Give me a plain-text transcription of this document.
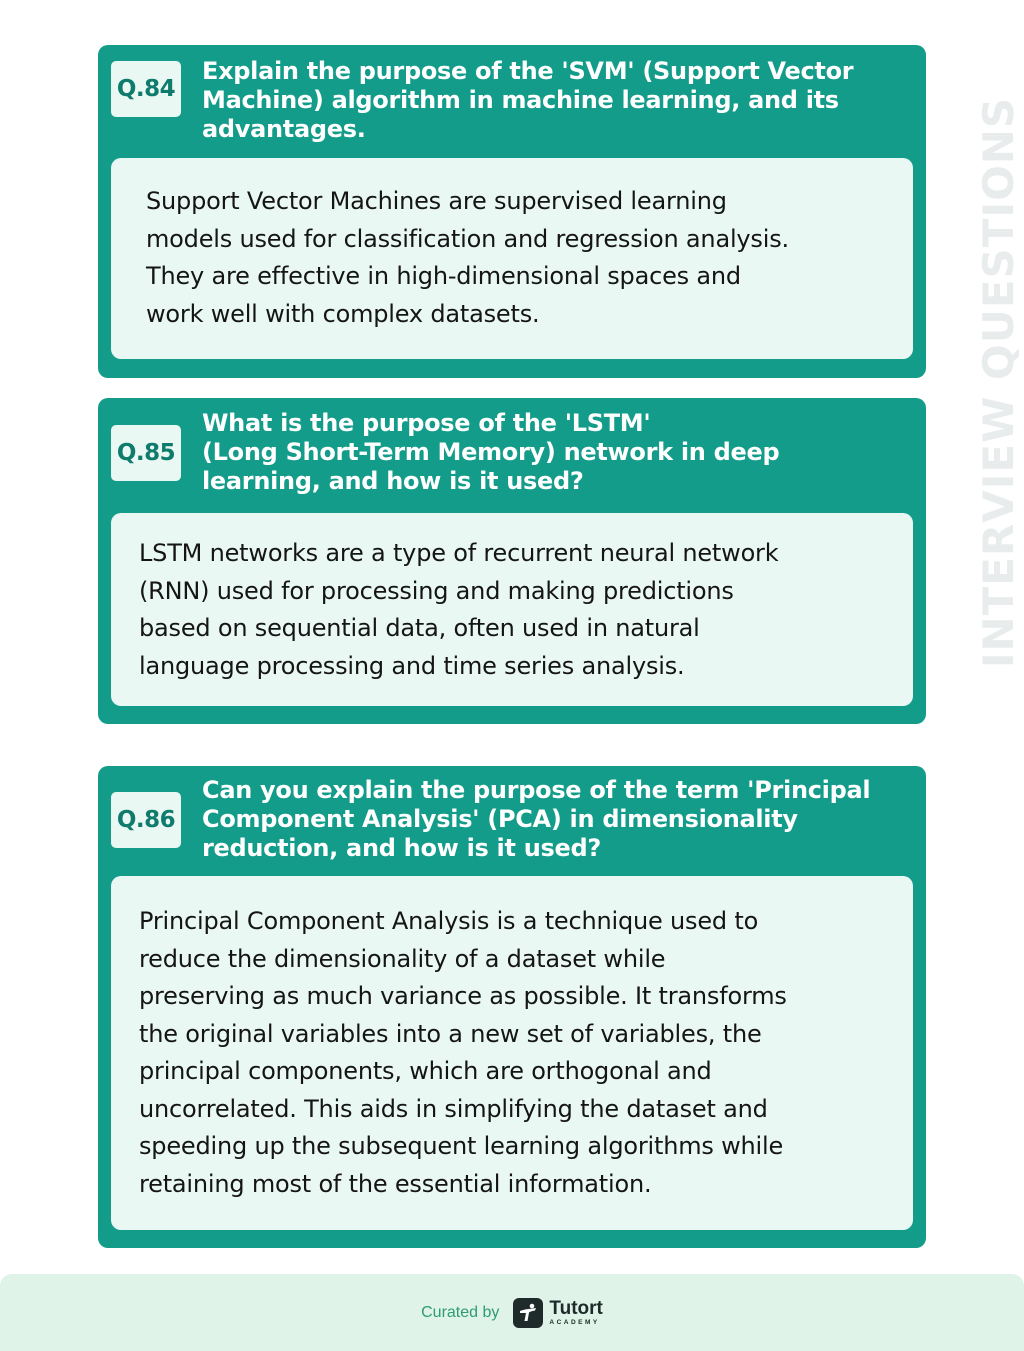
Q.84
Explain the purpose of the 'SVM' (Support Vector
Machine) algorithm in machine learning, and its
advantages.
Support Vector Machines are supervised learning
models used for classification and regression analysis.
They are effective in high-dimensional spaces and
work well with complex datasets.
Q.85
What is the purpose of the 'LSTM'
(Long Short-Term Memory) network in deep
learning, and how is it used?
LSTM networks are a type of recurrent neural network
(RNN) used for processing and making predictions
based on sequential data, often used in natural
language processing and time series analysis.
Q.86
Can you explain the purpose of the term 'Principal
Component Analysis' (PCA) in dimensionality
reduction, and how is it used?
Principal Component Analysis is a technique used to
reduce the dimensionality of a dataset while
preserving as much variance as possible. It transforms
the original variables into a new set of variables, the
principal components, which are orthogonal and
uncorrelated. This aids in simplifying the dataset and
speeding up the subsequent learning algorithms while
retaining most of the essential information.
INTERVIEW QUESTIONS
Curated by	Tutort
ACADEMY
